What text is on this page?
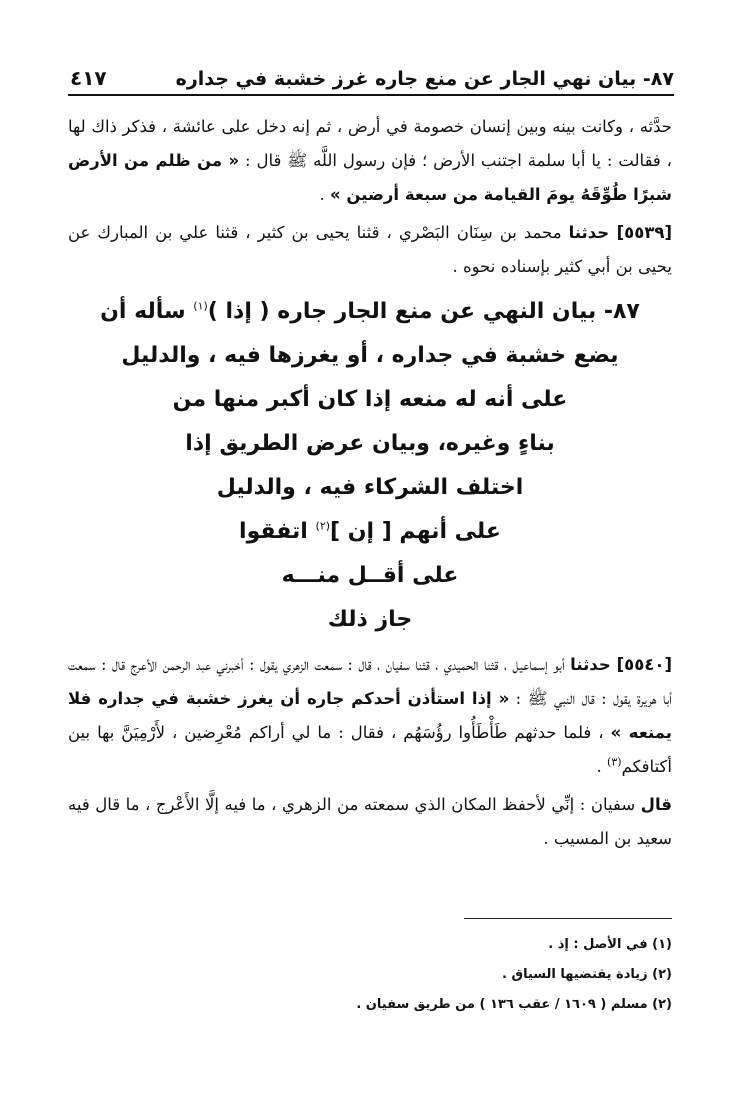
٨٧- بيان نهي الجار عن منع جاره غرز خشبة في جداره
٤١٧

حدَّثه ، وكانت بينه وبين إنسان خصومة في أرض ، ثم إنه دخل على عائشة ، فذكر ذاك لها ، فقالت : يا أبا سلمة اجتنب الأرض ؛ فإن رسول اللَّه ﷺ قال : « من ظلم من الأرض شبرًا طُوِّقَهُ يومَ القيامة من سبعة أرضين » .

[٥٥٣٩] حدثنا محمد بن سِنَان البَصْري ، قثنا يحيى بن كثير ، قثنا علي بن المبارك عن يحيى بن أبي كثير بإسناده نحوه .

٨٧- بيان النهي عن منع الجار جاره ( إذا )$^{(١)}$ سأله أن
يضع خشبة في جداره ، أو يغرزها فيه ، والدليل
على أنه له منعه إذا كان أكبر منها من
بناءٍ وغيره، وبيان عرض الطريق إذا
اختلف الشركاء فيه ، والدليل
على أنهم [ إن ]$^{(٢)}$ اتفقوا
على أقــل منـــه
جاز ذلك

[٥٥٤٠] حدثنا أبو إسماعيل ، قثنا الحميدي ، قثنا سفيان ، قال : سمعت الزهري يقول : أخبرني عبد الرحمن الأعرج قال : سمعت أبا هريرة يقول : قال النبي ﷺ : « إذا استأذن أحدكم جاره أن يغرز خشبة في جداره فلا يمنعه » ، فلما حدثهم طَأْطَأُوا رؤُسَهُم ، فقال : ما لي أراكم مُعْرِضين ، لأَرْمِيَنَّ بها بين أكتافكم$^{(٣)}$ .

قال سفيان : إنِّي لأحفظ المكان الذي سمعته من الزهري ، ما فيه إلَّا الأَعْرج ، ما قال فيه سعيد بن المسيب .

(١) في الأصل : إذ .

(٢) زيادة يقتضيها السياق .

(٢) مسلم ( ١٦٠٩ / عقب ١٣٦ ) من طريق سفيان .
